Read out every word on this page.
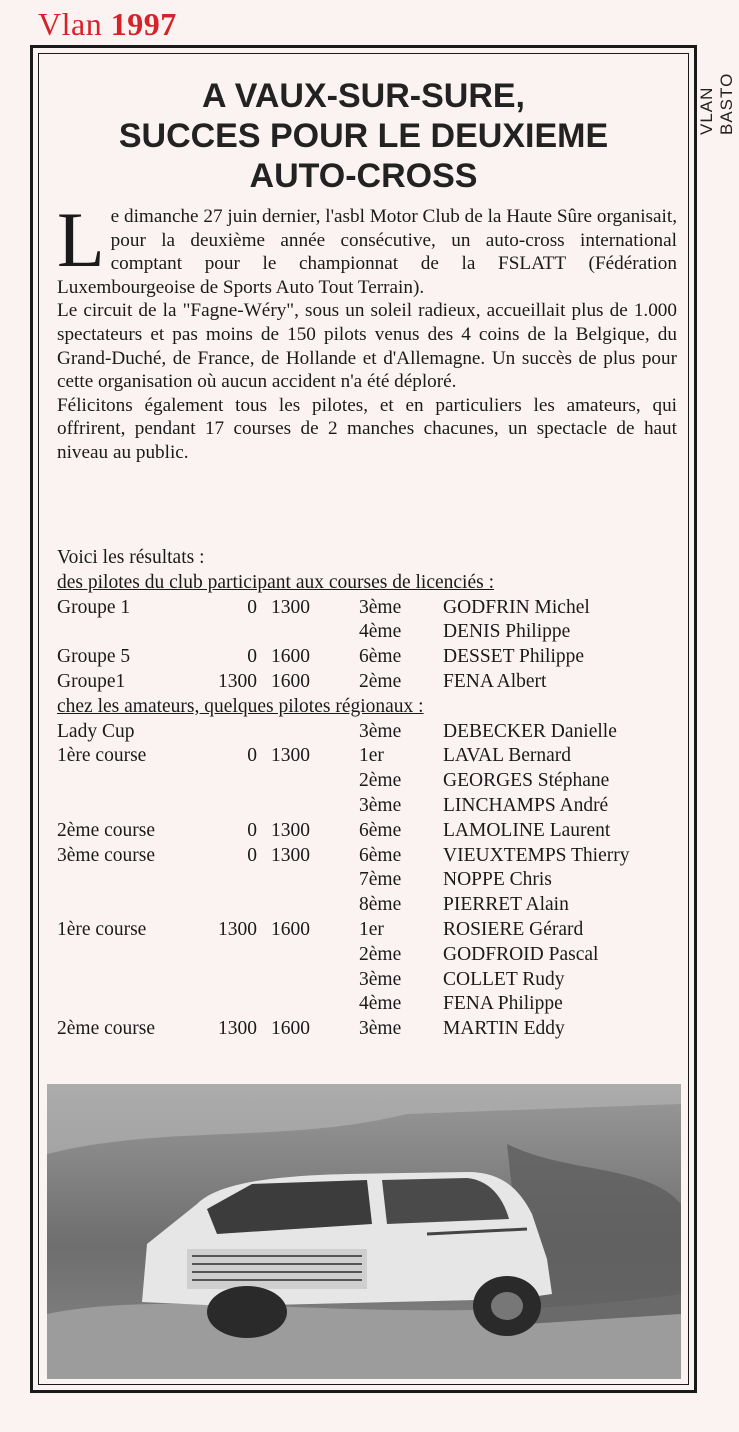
Vlan 1997
VLAN BASTO
A VAUX-SUR-SURE,
SUCCES POUR LE DEUXIEME
AUTO-CROSS

Le dimanche 27 juin dernier, l'asbl Motor Club de la Haute Sûre organisait, pour la deuxième année consécutive, un auto-cross international comptant pour le championnat de la FSLATT (Fédération Luxembourgeoise de Sports Auto Tout Terrain).

Le circuit de la "Fagne-Wéry", sous un soleil radieux, accueillait plus de 1.000 spectateurs et pas moins de 150 pilots venus des 4 coins de la Belgique, du Grand-Duché, de France, de Hollande et d'Allemagne. Un succès de plus pour cette organisation où aucun accident n'a été déploré.

Félicitons également tous les pilotes, et en particuliers les amateurs, qui offrirent, pendant 17 courses de 2 manches chacunes, un spectacle de haut niveau au public.

Voici les résultats :
des pilotes du club participant aux courses de licenciés :
Groupe 1	0 1300	3ème GODFRIN Michel
4ème DENIS Philippe
Groupe 5	0 1600	6ème DESSET Philippe
Groupe1	1300 1600	2ème FENA Albert
chez les amateurs, quelques pilotes régionaux :
Lady Cup	3ème DEBECKER Danielle
1ère course	0 1300	1er	LAVAL Bernard
2ème GEORGES Stéphane
3ème LINCHAMPS André
2ème course	0 1300	6ème LAMOLINE Laurent
3ème course	0 1300	6ème VIEUXTEMPS Thierry
7ème NOPPE Chris
8ème PIERRET Alain
1ère course	1300 1600	1er	ROSIERE Gérard
2ème GODFROID Pascal
3ème COLLET Rudy
4ème FENA Philippe
2ème course	1300 1600	3ème MARTIN Eddy
